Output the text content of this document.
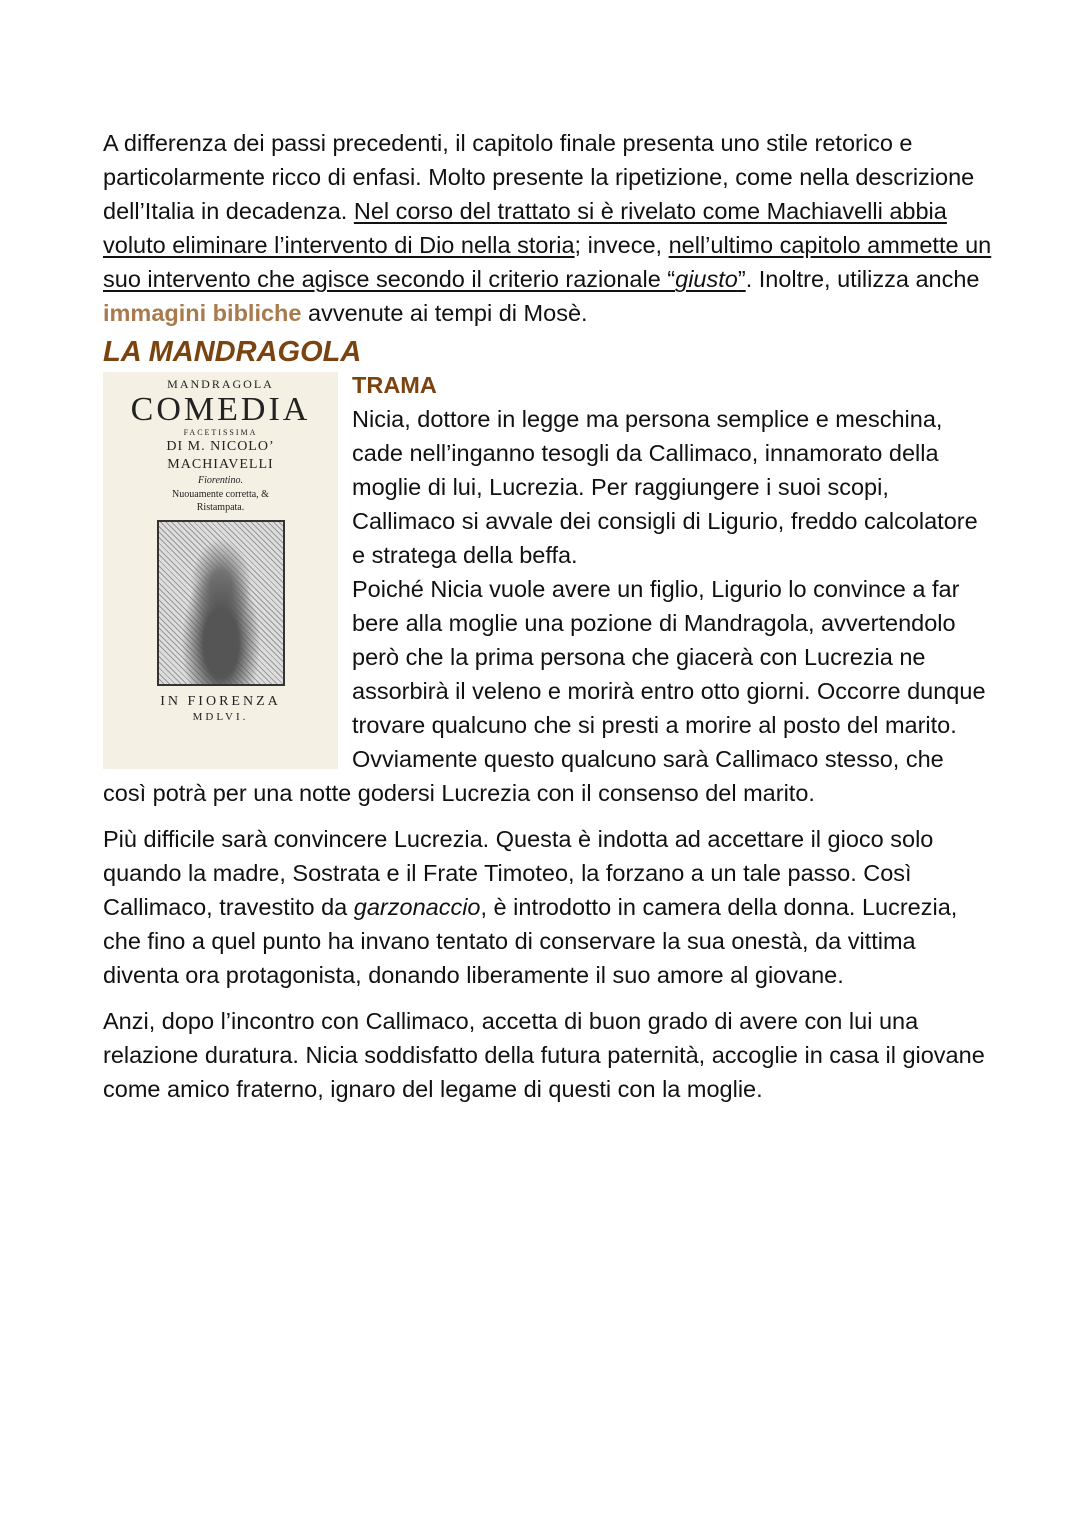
A differenza dei passi precedenti, il capitolo finale presenta uno stile retorico e particolarmente ricco di enfasi. Molto presente la ripetizione, come nella descrizione dell’Italia in decadenza. Nel corso del trattato si è rivelato come Machiavelli abbia voluto eliminare l’intervento di Dio nella storia; invece, nell’ultimo capitolo ammette un suo intervento che agisce secondo il criterio razionale “giusto”. Inoltre, utilizza anche immagini bibliche avvenute ai tempi di Mosè.

LA MANDRAGOLA
MANDRAGOLA
COMEDIA
FACETISSIMA
DI M. NICOLO’
MACHIAVELLI
Fiorentino.
Nuouamente corretta, &
Ristampata.
IN FIORENZA
MDLVI.
TRAMA

Nicia, dottore in legge ma persona semplice e meschina, cade nell’inganno tesogli da Callimaco, innamorato della moglie di lui, Lucrezia. Per raggiungere i suoi scopi, Callimaco si avvale dei consigli di Ligurio, freddo calcolatore e stratega della beffa.

Poiché Nicia vuole avere un figlio, Ligurio lo convince a far bere alla moglie una pozione di Mandragola, avvertendolo però che la prima persona che giacerà con Lucrezia ne assorbirà il veleno e morirà entro otto giorni. Occorre dunque trovare qualcuno che si presti a morire al posto del marito. Ovviamente questo qualcuno sarà Callimaco stesso, che così potrà per una notte godersi Lucrezia con il consenso del marito.

Più difficile sarà convincere Lucrezia. Questa è indotta ad accettare il gioco solo quando la madre, Sostrata e il Frate Timoteo, la forzano a un tale passo. Così Callimaco, travestito da garzonaccio, è introdotto in camera della donna. Lucrezia, che fino a quel punto ha invano tentato di conservare la sua onestà, da vittima diventa ora protagonista, donando liberamente il suo amore al giovane.

Anzi, dopo l’incontro con Callimaco, accetta di buon grado di avere con lui una relazione duratura. Nicia soddisfatto della futura paternità, accoglie in casa il giovane come amico fraterno, ignaro del legame di questi con la moglie.
